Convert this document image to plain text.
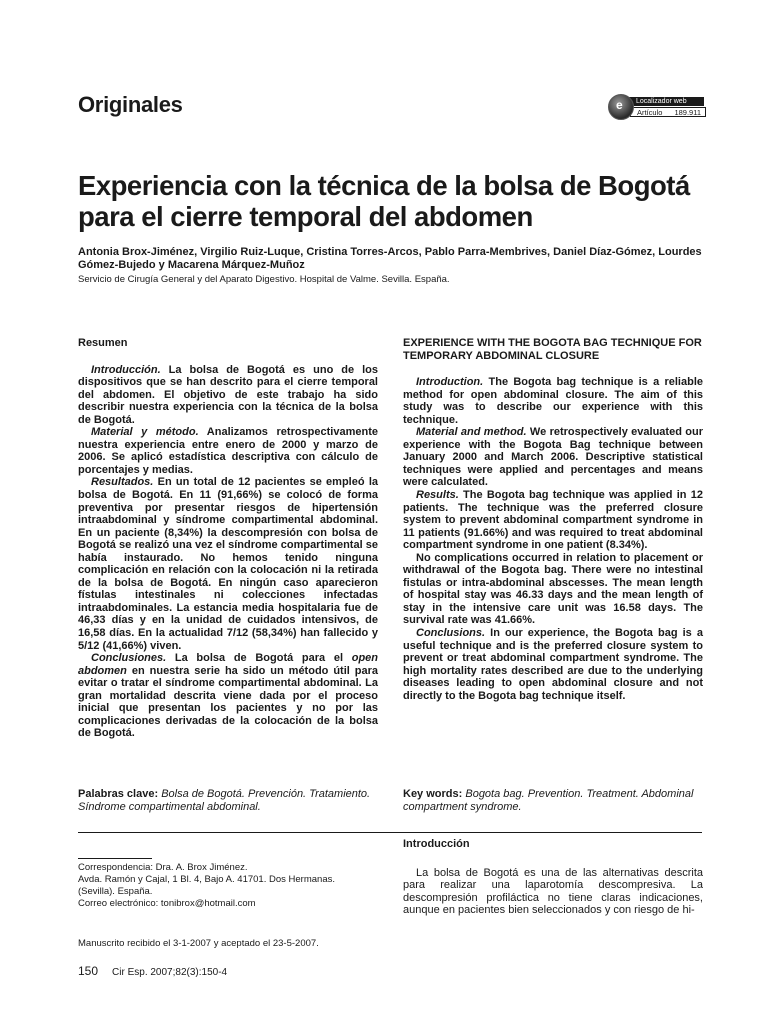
Originales	Localizador web
Artículo 189.911
e
Experiencia con la técnica de la bolsa de Bogotá para el cierre temporal del abdomen
Antonia Brox-Jiménez, Virgilio Ruiz-Luque, Cristina Torres-Arcos, Pablo Parra-Membrives, Daniel Díaz-Gómez, Lourdes Gómez-Bujedo y Macarena Márquez-Muñoz
Servicio de Cirugía General y del Aparato Digestivo. Hospital de Valme. Sevilla. España.

Resumen

Introducción. La bolsa de Bogotá es uno de los dispositivos que se han descrito para el cierre temporal del abdomen. El objetivo de este trabajo ha sido describir nuestra experiencia con la técnica de la bolsa de Bogotá.

Material y método. Analizamos retrospectivamente nuestra experiencia entre enero de 2000 y marzo de 2006. Se aplicó estadística descriptiva con cálculo de porcentajes y medias.

Resultados. En un total de 12 pacientes se empleó la bolsa de Bogotá. En 11 (91,66%) se colocó de forma preventiva por presentar riesgos de hipertensión intraabdominal y síndrome compartimental abdominal. En un paciente (8,34%) la descompresión con bolsa de Bogotá se realizó una vez el síndrome compartimental se había instaurado. No hemos tenido ninguna complicación en relación con la colocación ni la retirada de la bolsa de Bogotá. En ningún caso aparecieron fístulas intestinales ni colecciones infectadas intraabdominales. La estancia media hospitalaria fue de 46,33 días y en la unidad de cuidados intensivos, de 16,58 días. En la actualidad 7/12 (58,34%) han fallecido y 5/12 (41,66%) viven.

Conclusiones. La bolsa de Bogotá para el open abdomen en nuestra serie ha sido un método útil para evitar o tratar el síndrome compartimental abdominal. La gran mortalidad descrita viene dada por el proceso inicial que presentan los pacientes y no por las complicaciones derivadas de la colocación de la bolsa de Bogotá.

EXPERIENCE WITH THE BOGOTA BAG TECHNIQUE FOR TEMPORARY ABDOMINAL CLOSURE

Introduction. The Bogota bag technique is a reliable method for open abdominal closure. The aim of this study was to describe our experience with this technique.

Material and method. We retrospectively evaluated our experience with the Bogota Bag technique between January 2000 and March 2006. Descriptive statistical techniques were applied and percentages and means were calculated.

Results. The Bogota bag technique was applied in 12 patients. The technique was the preferred closure system to prevent abdominal compartment syndrome in 11 patients (91.66%) and was required to treat abdominal compartment syndrome in one patient (8.34%).

No complications occurred in relation to placement or withdrawal of the Bogota bag. There were no intestinal fistulas or intra-abdominal abscesses. The mean length of hospital stay was 46.33 days and the mean length of stay in the intensive care unit was 16.58 days. The survival rate was 41.66%.

Conclusions. In our experience, the Bogota bag is a useful technique and is the preferred closure system to prevent or treat abdominal compartment syndrome. The high mortality rates described are due to the underlying diseases leading to open abdominal closure and not directly to the Bogota bag technique itself.

Palabras clave: Bolsa de Bogotá. Prevención. Tratamiento. Síndrome compartimental abdominal.
Key words: Bogota bag. Prevention. Treatment. Abdominal compartment syndrome.
Correspondencia: Dra. A. Brox Jiménez.
Avda. Ramón y Cajal, 1 Bl. 4, Bajo A. 41701. Dos Hermanas.
(Sevilla). España.
Correo electrónico: tonibrox@hotmail.com
Manuscrito recibido el 3-1-2007 y aceptado el 23-5-2007.
150 Cir Esp. 2007;82(3):150-4
Introducción

La bolsa de Bogotá es una de las alternativas descrita para realizar una laparotomía descompresiva. La descompresión profiláctica no tiene claras indicaciones, aunque en pacientes bien seleccionados y con riesgo de hi-
